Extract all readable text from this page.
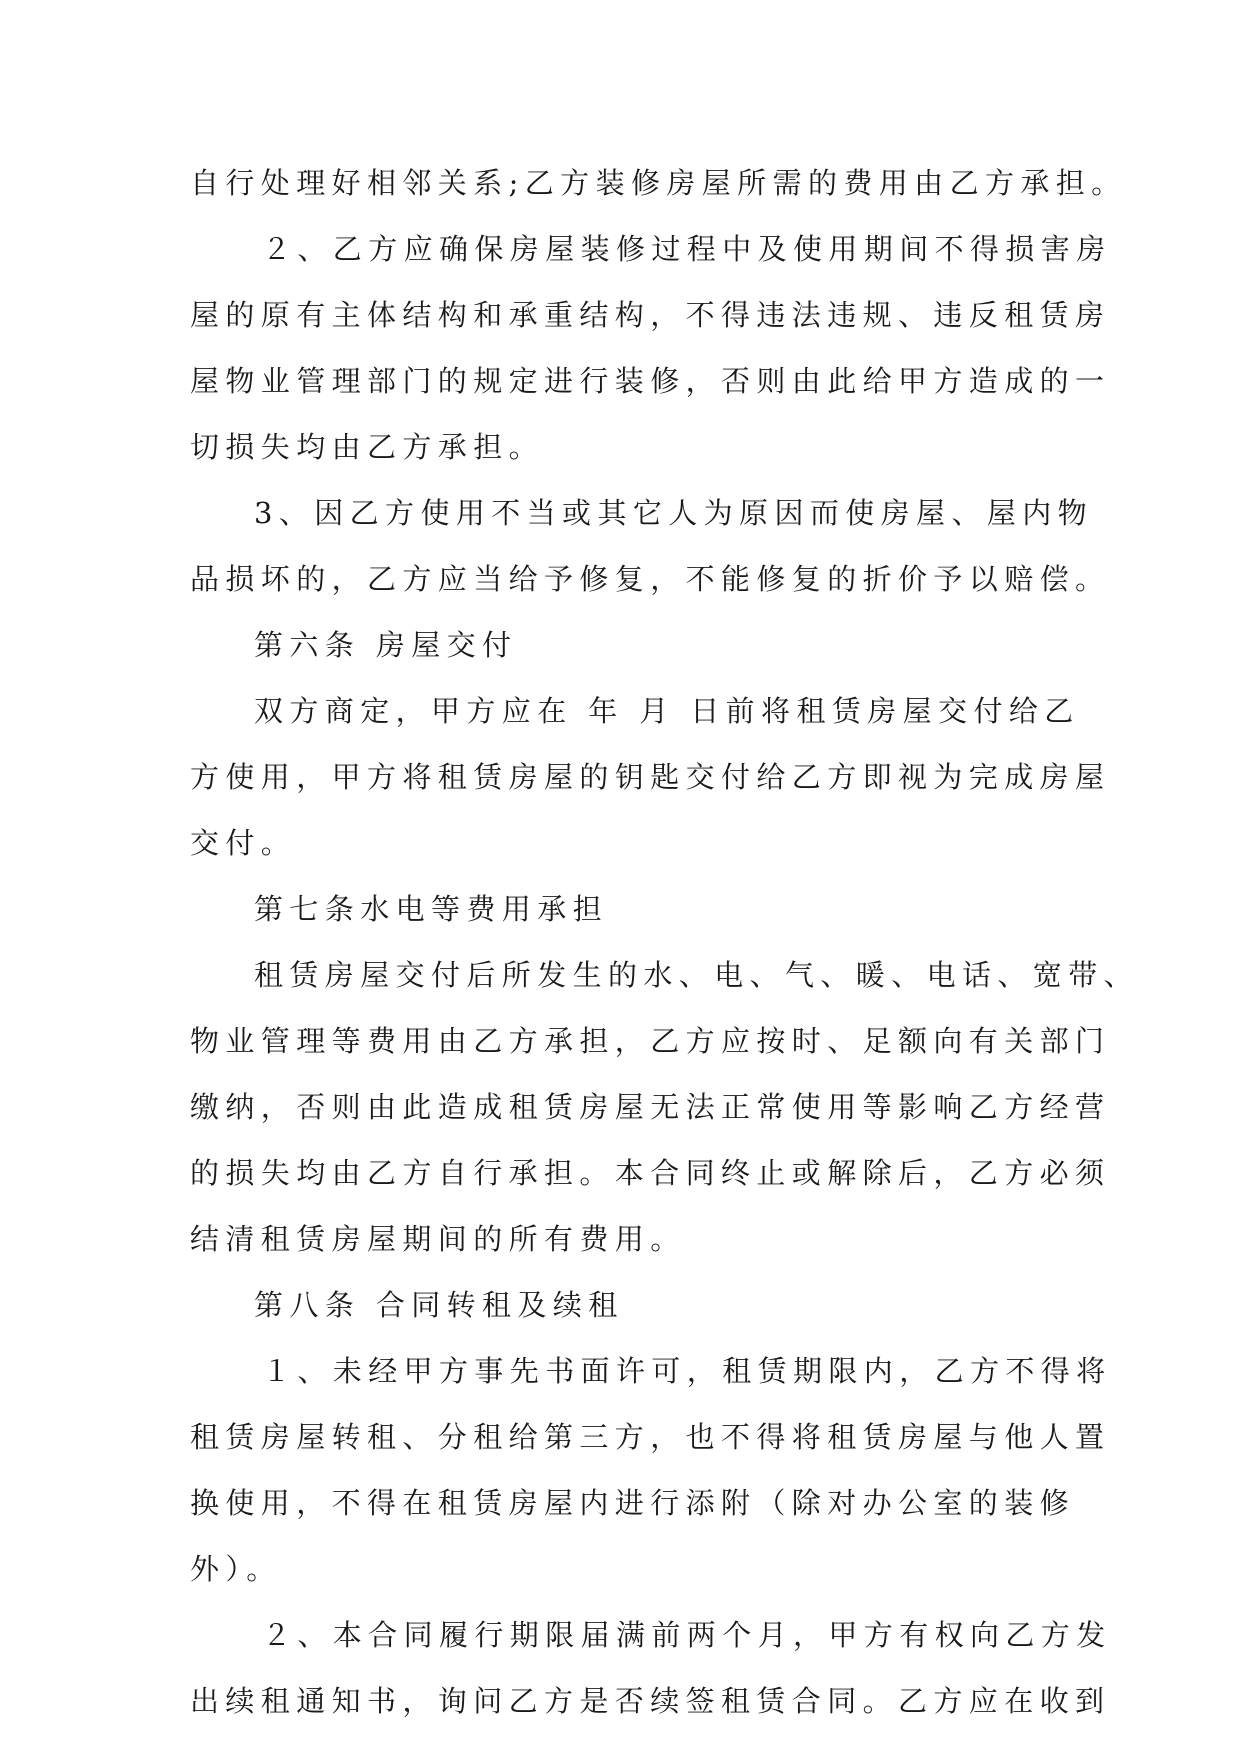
自行处理好相邻关系;乙方装修房屋所需的费用由乙方承担。
２、乙方应确保房屋装修过程中及使用期间不得损害房
屋的原有主体结构和承重结构，不得违法违规、违反租赁房
屋物业管理部门的规定进行装修，否则由此给甲方造成的一
切损失均由乙方承担。
3、因乙方使用不当或其它人为原因而使房屋、屋内物
品损坏的，乙方应当给予修复，不能修复的折价予以赔偿。
第六条 房屋交付
双方商定，甲方应在 年 月 日前将租赁房屋交付给乙
方使用，甲方将租赁房屋的钥匙交付给乙方即视为完成房屋
交付。
第七条水电等费用承担
租赁房屋交付后所发生的水、电、气、暖、电话、宽带、
物业管理等费用由乙方承担，乙方应按时、足额向有关部门
缴纳，否则由此造成租赁房屋无法正常使用等影响乙方经营
的损失均由乙方自行承担。本合同终止或解除后，乙方必须
结清租赁房屋期间的所有费用。
第八条 合同转租及续租
１、未经甲方事先书面许可，租赁期限内，乙方不得将
租赁房屋转租、分租给第三方，也不得将租赁房屋与他人置
换使用，不得在租赁房屋内进行添附（除对办公室的装修
外）。
２、本合同履行期限届满前两个月，甲方有权向乙方发
出续租通知书，询问乙方是否续签租赁合同。乙方应在收到
